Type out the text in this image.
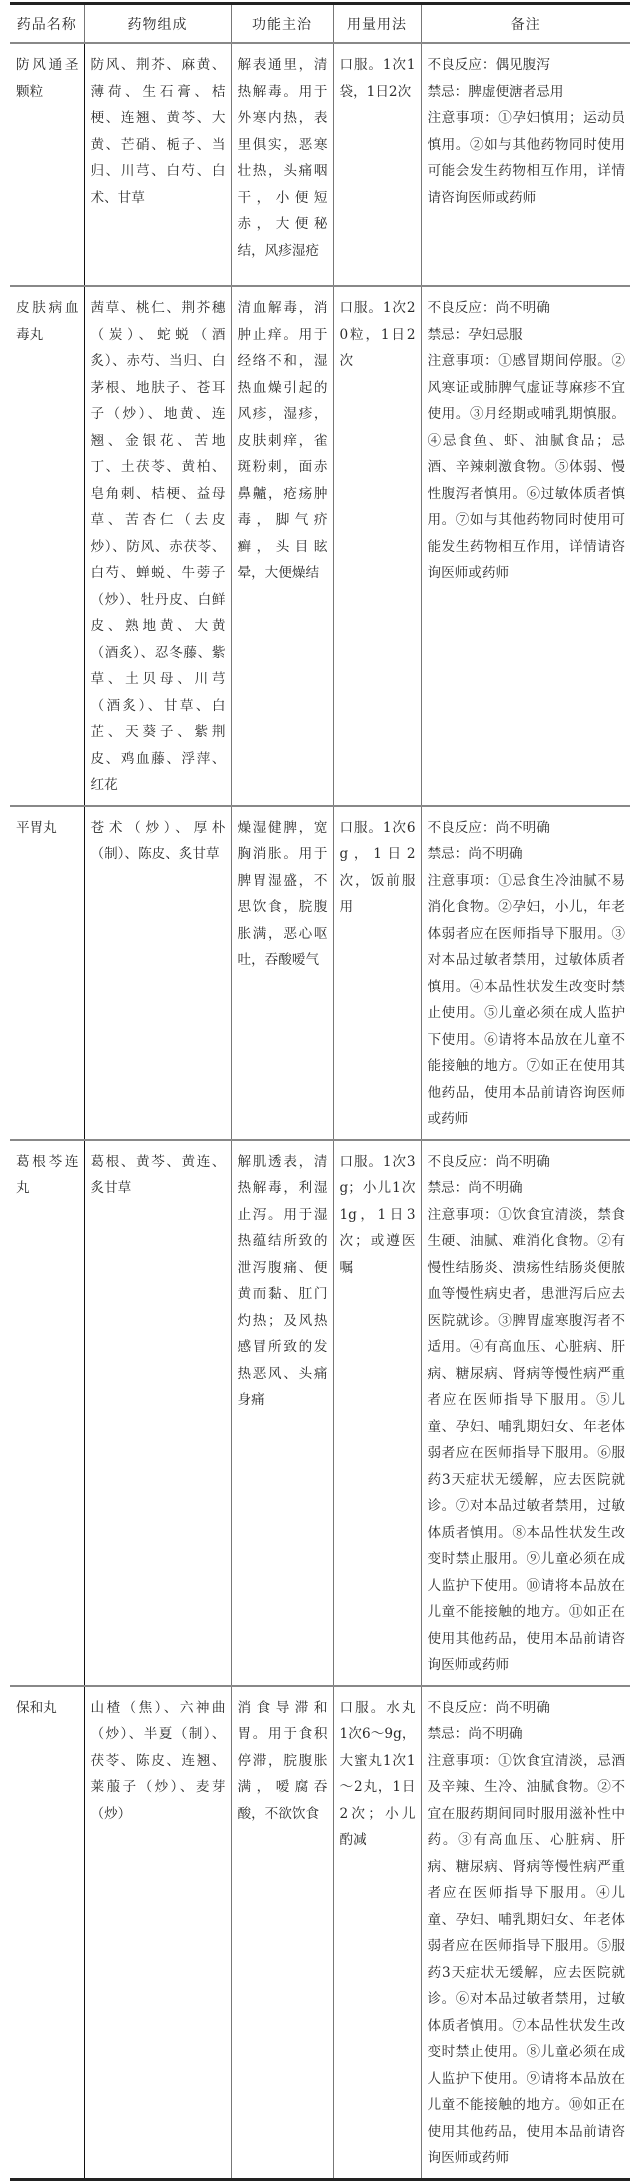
药品名称	药物组成	功能主治	用量用法	备注
防风通圣颗粒	防风、荆芥、麻黄、薄荷、生石膏、桔梗、连翘、黄芩、大黄、芒硝、栀子、当归、川芎、白芍、白术、甘草	解表通里，清热解毒。用于外寒内热，表里俱实，恶寒壮热，头痛咽干，小便短赤，大便秘结，风疹湿疮	口服。1次1袋，1日2次	不良反应：偶见腹泻
禁忌：脾虚便溏者忌用
注意事项：①孕妇慎用；运动员慎用。②如与其他药物同时使用可能会发生药物相互作用，详情请咨询医师或药师

皮肤病血毒丸	茜草、桃仁、荆芥穗（炭）、蛇蜕（酒炙）、赤芍、当归、白茅根、地肤子、苍耳子（炒）、地黄、连翘、金银花、苦地丁、土茯苓、黄柏、皂角刺、桔梗、益母草、苦杏仁（去皮炒）、防风、赤茯苓、白芍、蝉蜕、牛蒡子（炒）、牡丹皮、白鲜皮、熟地黄、大黄（酒炙）、忍冬藤、紫草、土贝母、川芎（酒炙）、甘草、白芷、天葵子、紫荆皮、鸡血藤、浮萍、红花	清血解毒，消肿止痒。用于经络不和，湿热血燥引起的风疹，湿疹，皮肤刺痒，雀斑粉刺，面赤鼻齇，疮疡肿毒，脚气疥癣，头目眩晕，大便燥结	口服。1次20粒，1日2次	不良反应：尚不明确
禁忌：孕妇忌服
注意事项：①感冒期间停服。②风寒证或肺脾气虚证荨麻疹不宜使用。③月经期或哺乳期慎服。④忌食鱼、虾、油腻食品；忌酒、辛辣刺激食物。⑤体弱、慢性腹泻者慎用。⑥过敏体质者慎用。⑦如与其他药物同时使用可能发生药物相互作用，详情请咨询医师或药师

平胃丸	苍术（炒）、厚朴（制）、陈皮、炙甘草	燥湿健脾，宽胸消胀。用于脾胃湿盛，不思饮食，脘腹胀满，恶心呕吐，吞酸嗳气	口服。1次6g，1日2次，饭前服用	不良反应：尚不明确
禁忌：尚不明确
注意事项：①忌食生冷油腻不易消化食物。②孕妇，小儿，年老体弱者应在医师指导下服用。③对本品过敏者禁用，过敏体质者慎用。④本品性状发生改变时禁止使用。⑤儿童必须在成人监护下使用。⑥请将本品放在儿童不能接触的地方。⑦如正在使用其他药品，使用本品前请咨询医师或药师

葛根芩连丸	葛根、黄芩、黄连、炙甘草	解肌透表，清热解毒，利湿止泻。用于湿热蕴结所致的泄泻腹痛、便黄而黏、肛门灼热；及风热感冒所致的发热恶风、头痛身痛	口服。1次3g；小儿1次1g，1日3次；或遵医嘱	不良反应：尚不明确
禁忌：尚不明确
注意事项：①饮食宜清淡，禁食生硬、油腻、难消化食物。②有慢性结肠炎、溃疡性结肠炎便脓血等慢性病史者，患泄泻后应去医院就诊。③脾胃虚寒腹泻者不适用。④有高血压、心脏病、肝病、糖尿病、肾病等慢性病严重者应在医师指导下服用。⑤儿童、孕妇、哺乳期妇女、年老体弱者应在医师指导下服用。⑥服药3天症状无缓解，应去医院就诊。⑦对本品过敏者禁用，过敏体质者慎用。⑧本品性状发生改变时禁止服用。⑨儿童必须在成人监护下使用。⑩请将本品放在儿童不能接触的地方。⑪如正在使用其他药品，使用本品前请咨询医师或药师

保和丸	山楂（焦）、六神曲（炒）、半夏（制）、茯苓、陈皮、连翘、莱菔子（炒）、麦芽（炒）	消食导滞和胃。用于食积停滞，脘腹胀满，嗳腐吞酸，不欲饮食	口服。水丸1次6～9g，大蜜丸1次1～2丸，1日2次；小儿酌减	不良反应：尚不明确
禁忌：尚不明确
注意事项：①饮食宜清淡，忌酒及辛辣、生冷、油腻食物。②不宜在服药期间同时服用滋补性中药。③有高血压、心脏病、肝病、糖尿病、肾病等慢性病严重者应在医师指导下服用。④儿童、孕妇、哺乳期妇女、年老体弱者应在医师指导下服用。⑤服药3天症状无缓解，应去医院就诊。⑥对本品过敏者禁用，过敏体质者慎用。⑦本品性状发生改变时禁止使用。⑧儿童必须在成人监护下使用。⑨请将本品放在儿童不能接触的地方。⑩如正在使用其他药品，使用本品前请咨询医师或药师
